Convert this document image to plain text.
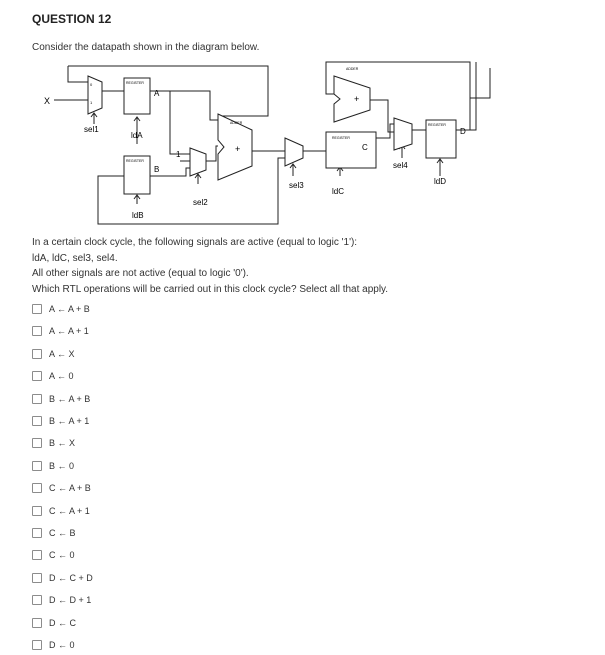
QUESTION 12
Consider the datapath shown in the diagram below.
0
1
sel1
X
REGISTER
A
ldA
REGISTER
B
ldB
1
sel2
ADDER
+
sel3
ADDER
+
REGISTER
C
ldC
sel4
REGISTER
D
ldD
In a certain clock cycle, the following signals are active (equal to logic '1'):
ldA, ldC, sel3, sel4.
All other signals are not active (equal to logic '0').
Which RTL operations will be carried out in this clock cycle? Select all that apply.
A ← A + B
A ← A + 1
A ← X
A ← 0
B ← A + B
B ← A + 1
B ← X
B ← 0
C ← A + B
C ← A + 1
C ← B
C ← 0
D ← C + D
D ← D + 1
D ← C
D ← 0
